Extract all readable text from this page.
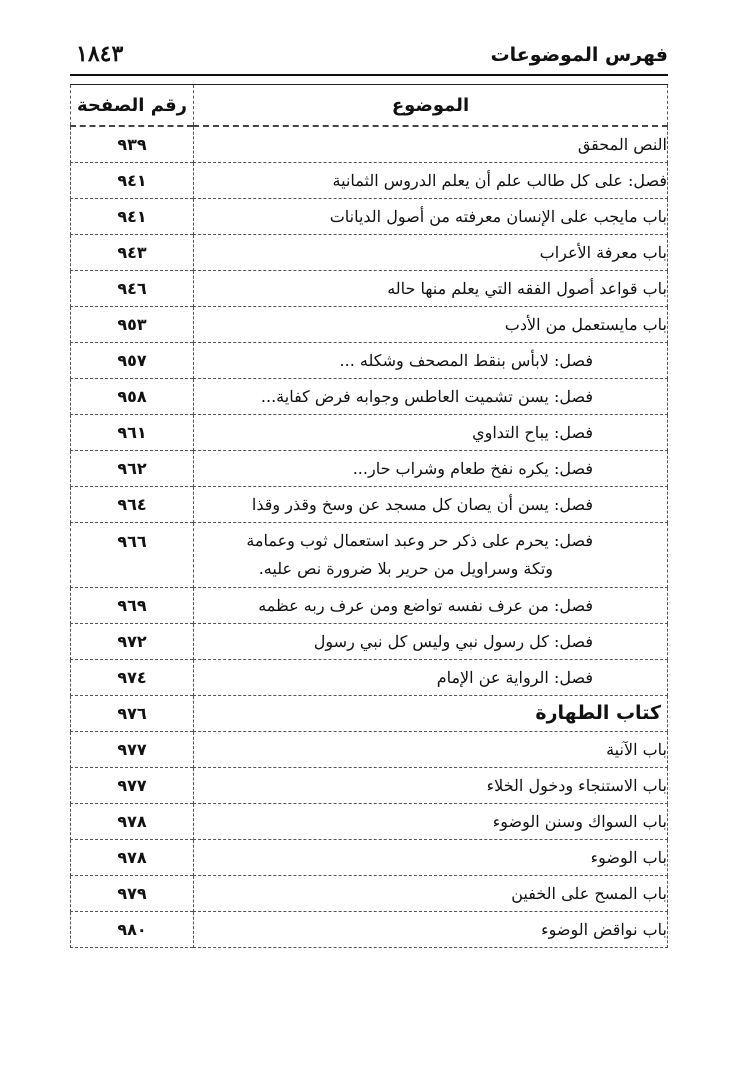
فهرس الموضوعات
١٨٤٣
الموضوع	رقم الصفحة
النص المحقق	٩٣٩
فصل: على كل طالب علم أن يعلم الدروس الثمانية	٩٤١
باب مايجب على الإنسان معرفته من أصول الديانات	٩٤١
باب معرفة الأعراب	٩٤٣
باب قواعد أصول الفقه التي يعلم منها حاله	٩٤٦
باب مايستعمل من الأدب	٩٥٣
فصل: لابأس بنقط المصحف وشكله ...	٩٥٧
فصل: يسن تشميت العاطس وجوابه فرض كفاية...	٩٥٨
فصل: يباح التداوي	٩٦١
فصل: يكره نفخ طعام وشراب حار...	٩٦٢
فصل: يسن أن يصان كل مسجد عن وسخ وقذر وقذا	٩٦٤
فصل: يحرم على ذكر حر وعبد استعمال ثوب وعمامة
وتكة وسراويل من حرير بلا ضرورة نص عليه.	٩٦٦
فصل: من عرف نفسه تواضع ومن عرف ربه عظمه	٩٦٩
فصل: كل رسول نبي وليس كل نبي رسول	٩٧٢
فصل: الرواية عن الإمام	٩٧٤
كتاب الطهارة	٩٧٦
باب الآنية	٩٧٧
باب الاستنجاء ودخول الخلاء	٩٧٧
باب السواك وسنن الوضوء	٩٧٨
باب الوضوء	٩٧٨
باب المسح على الخفين	٩٧٩
باب نواقض الوضوء	٩٨٠
